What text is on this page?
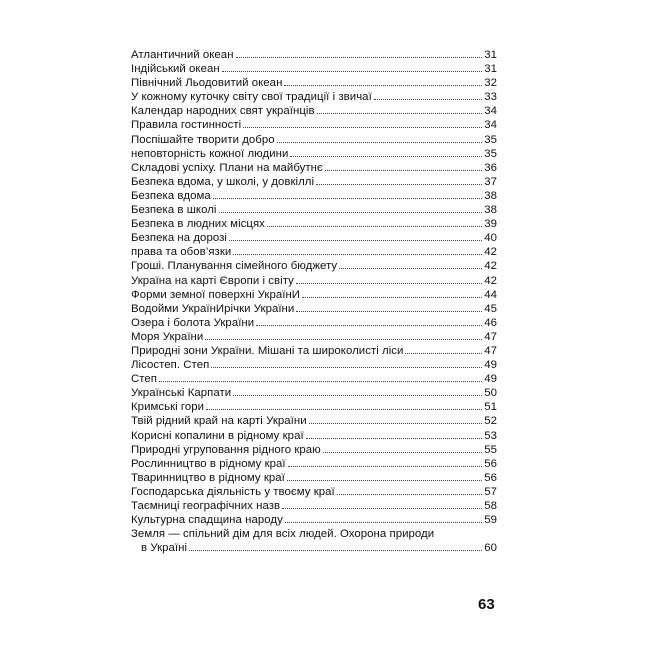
Атлантичний океан	31
Індійський океан	31
Північний Льодовитий океан	32
У кожному куточку світу свої традиції і звичаї	33
Календар народних свят українців	34
Правила гостинності	34
Поспішайте творити добро	35
неповторність кожної людини	35
Складові успіху. Плани на майбутнє	36
Безпека вдома, у школі, у довкіллі	37
Безпека вдома	38
Безпека в школі	38
Безпека в людних місцях	39
Безпека на дорозі	40
права та обов’язки	42
Гроші. Планування сімейного бюджету	42
Україна на карті Європи і світу	42
Форми земної поверхні УкраїнИ	44
Водойми УкраїнИрічки України	45
Озера і болота України	46
Моря України	47
Природні зони України. Мішані та широколисті ліси	47
Лісостеп. Степ	49
Степ	49
Українські Карпати	50
Кримські гори	51
Твій рідний край на карті України	52
Корисні копалини в рідному краї	53
Природні угруповання рідного краю	55
Рослинництво в рідному краї	56
Тваринництво в рідному краї	56
Господарська діяльність у твоєму краї	57
Таємниці географічних назв	58
Культурна спадщина народу	59
Земля — спільний дім для всіх людей. Охорона природи
в Україні	60
63
